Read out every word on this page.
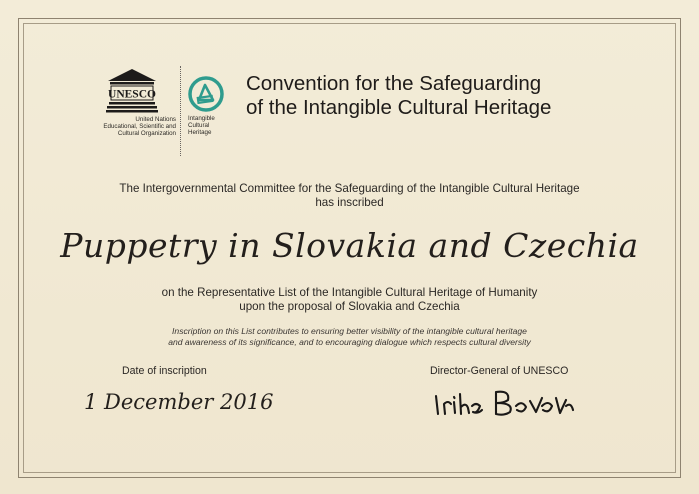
UNESCO
United Nations
Educational, Scientific and
Cultural Organization
Intangible
Cultural
Heritage
Convention for the Safeguarding
of the Intangible Cultural Heritage
The Intergovernmental Committee for the Safeguarding of the Intangible Cultural Heritage
has inscribed
Puppetry in Slovakia and Czechia
on the Representative List of the Intangible Cultural Heritage of Humanity
upon the proposal of Slovakia and Czechia
Inscription on this List contributes to ensuring better visibility of the intangible cultural heritage
and awareness of its significance, and to encouraging dialogue which respects cultural diversity
Date of inscription
1 December 2016
Director-General of UNESCO
